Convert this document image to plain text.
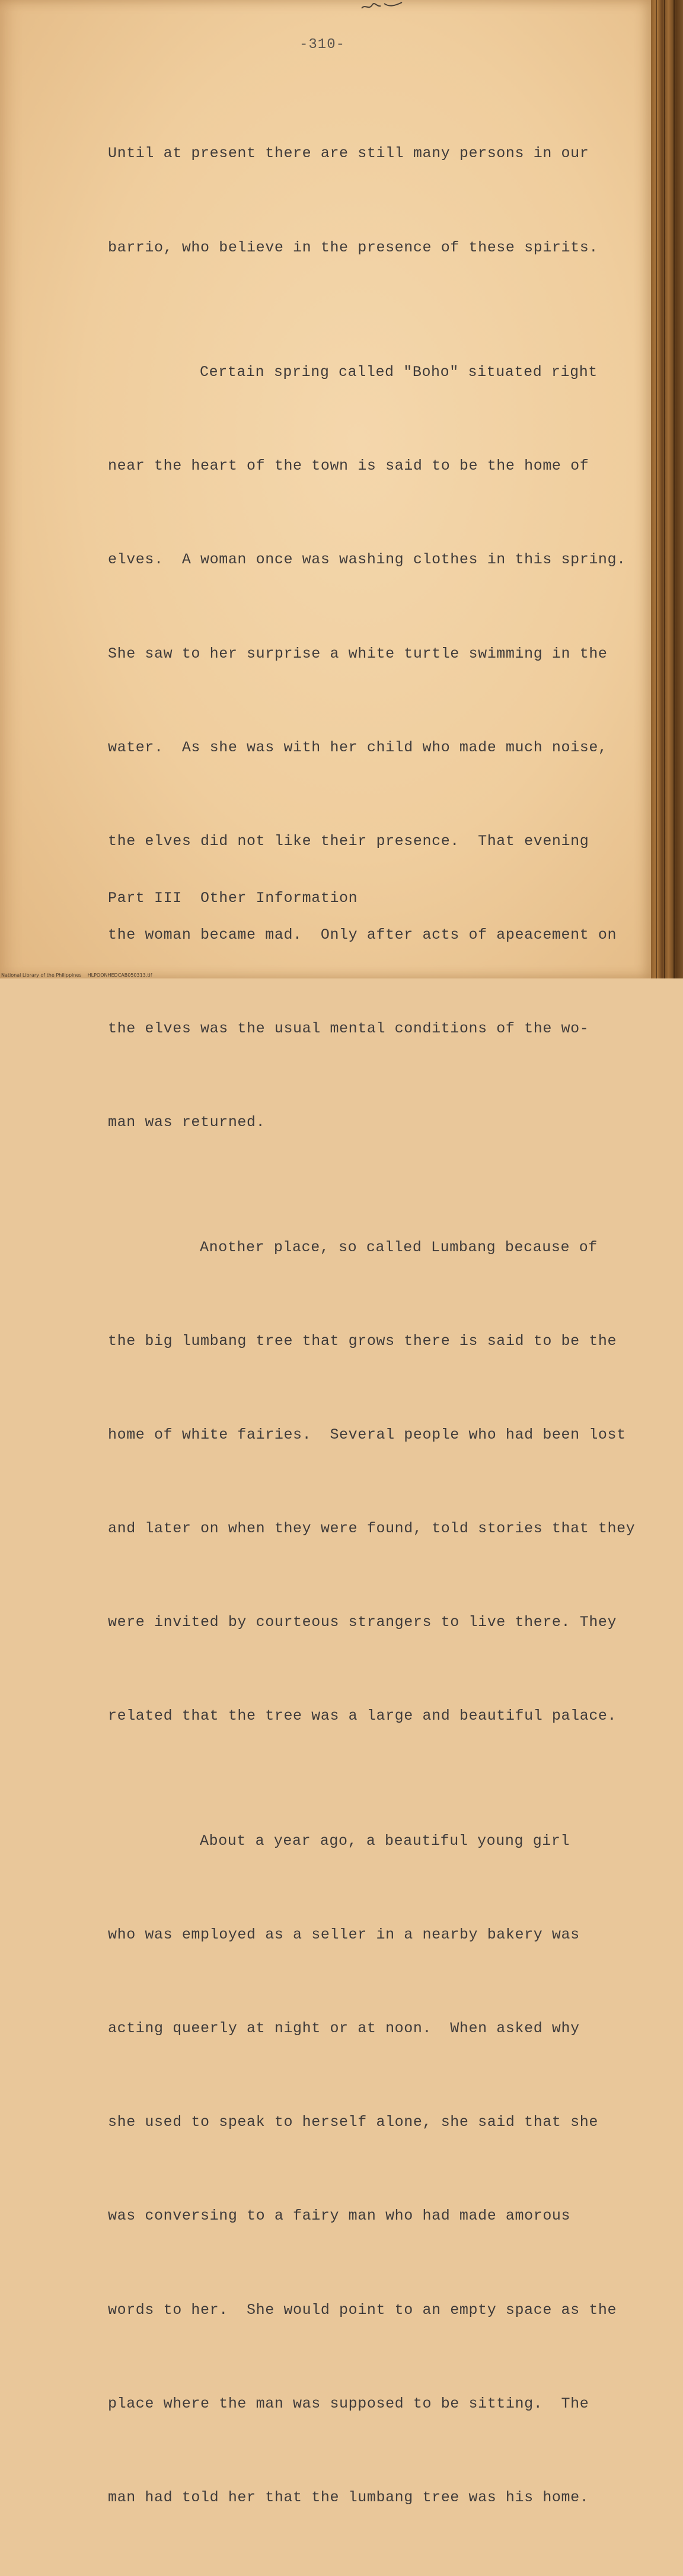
-310-

Until at present there are still many persons in our

barrio, who believe in the presence of these spirits.

Certain spring called "Boho" situated right

near the heart of the town is said to be the home of

elves.  A woman once was washing clothes in this spring.

She saw to her surprise a white turtle swimming in the

water.  As she was with her child who made much noise,

the elves did not like their presence.  That evening

the woman became mad.  Only after acts of apeacement on

the elves was the usual mental conditions of the wo-

man was returned.

Another place, so called Lumbang because of

the big lumbang tree that grows there is said to be the

home of white fairies.  Several people who had been lost

and later on when they were found, told stories that they

were invited by courteous strangers to live there. They

related that the tree was a large and beautiful palace.

About a year ago, a beautiful young girl

who was employed as a seller in a nearby bakery was

acting queerly at night or at noon.  When asked why

she used to speak to herself alone, she said that she

was conversing to a fairy man who had made amorous

words to her.  She would point to an empty space as the

place where the man was supposed to be sitting.  The

man had told her that the lumbang tree was his home.

Part III  Other Information
National Library of the Philippines    HLPOONHEDCAB050313.tif
